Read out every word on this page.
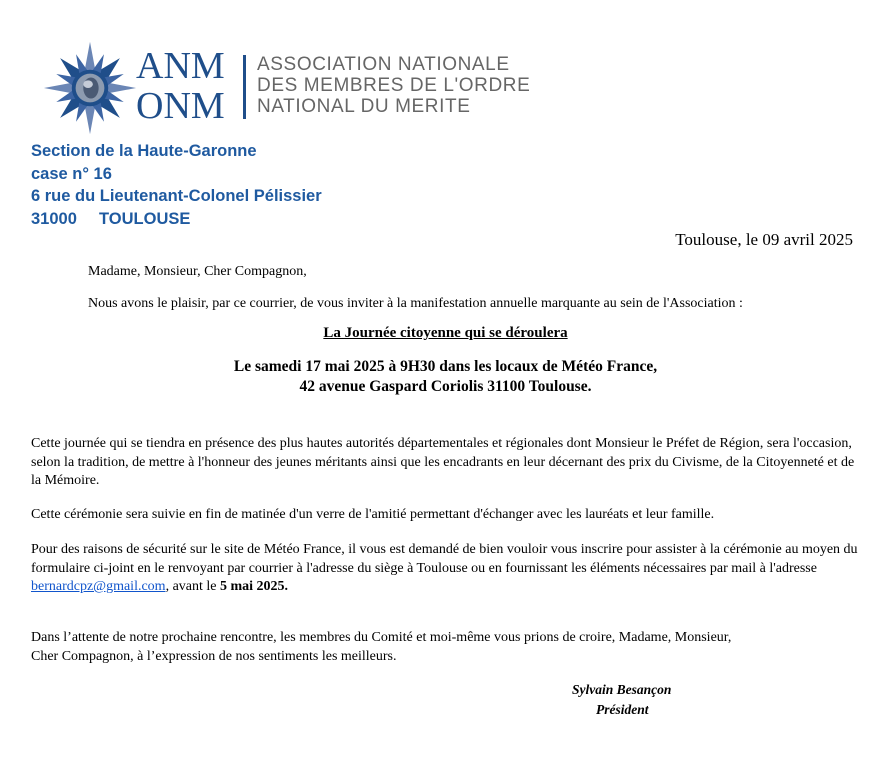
ANM
ONM
ASSOCIATION NATIONALE
DES MEMBRES DE L'ORDRE
NATIONAL DU MERITE
Section de la Haute-Garonne
case n° 16
6 rue du Lieutenant-Colonel Pélissier
31000 TOULOUSE
Toulouse, le 09 avril 2025
Madame, Monsieur, Cher Compagnon,
Nous avons le plaisir, par ce courrier, de vous inviter à la manifestation annuelle marquante au sein de l'Association :
La Journée citoyenne qui se déroulera
Le samedi 17 mai 2025 à 9H30 dans les locaux de Météo France,
42 avenue Gaspard Coriolis 31100 Toulouse.
Cette journée qui se tiendra en présence des plus hautes autorités départementales et régionales dont Monsieur le Préfet de Région, sera l'occasion, selon la tradition, de mettre à l'honneur des jeunes méritants ainsi que les encadrants en leur décernant des prix du Civisme, de la Citoyenneté et de la Mémoire.
Cette cérémonie sera suivie en fin de matinée d'un verre de l'amitié permettant d'échanger avec les lauréats et leur famille.
Pour des raisons de sécurité sur le site de Météo France, il vous est demandé de bien vouloir vous inscrire pour assister à la cérémonie au moyen du formulaire ci-joint en le renvoyant par courrier à l'adresse du siège à Toulouse ou en fournissant les éléments nécessaires par mail à l'adresse bernardcpz@gmail.com, avant le 5 mai 2025.
Dans l’attente de notre prochaine rencontre, les membres du Comité et moi-même vous prions de croire, Madame, Monsieur,
Cher Compagnon, à l’expression de nos sentiments les meilleurs.
Sylvain Besançon
Président
